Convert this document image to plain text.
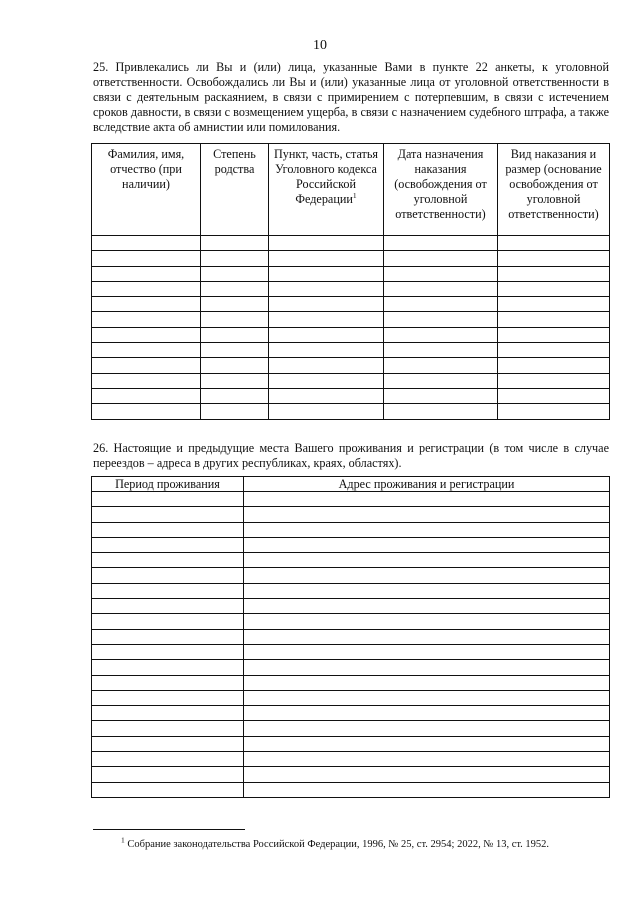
10
25. Привлекались ли Вы и (или) лица, указанные Вами в пункте 22 анкеты, к уголовной ответственности. Освобождались ли Вы и (или) указанные лица от уголовной ответственности в связи с деятельным раскаянием, в связи с примирением с потерпевшим, в связи с истечением сроков давности, в связи с возмещением ущерба, в связи с назначением судебного штрафа, а также вследствие акта об амнистии или помилования.
Фамилия, имя, отчество (при наличии)	Степень родства	Пункт, часть, статья Уголовного кодекса Российской Федерации$^1$	Дата назначения наказания (освобождения от уголовной ответственности)	Вид наказания и размер (основание освобождения от уголовной ответственности)

26. Настоящие и предыдущие места Вашего проживания и регистрации (в том числе в случае переездов – адреса в других республиках, краях, областях).
Период проживания	Адрес проживания и регистрации

$^1$ Собрание законодательства Российской Федерации, 1996, № 25, ст. 2954; 2022, № 13, ст. 1952.
